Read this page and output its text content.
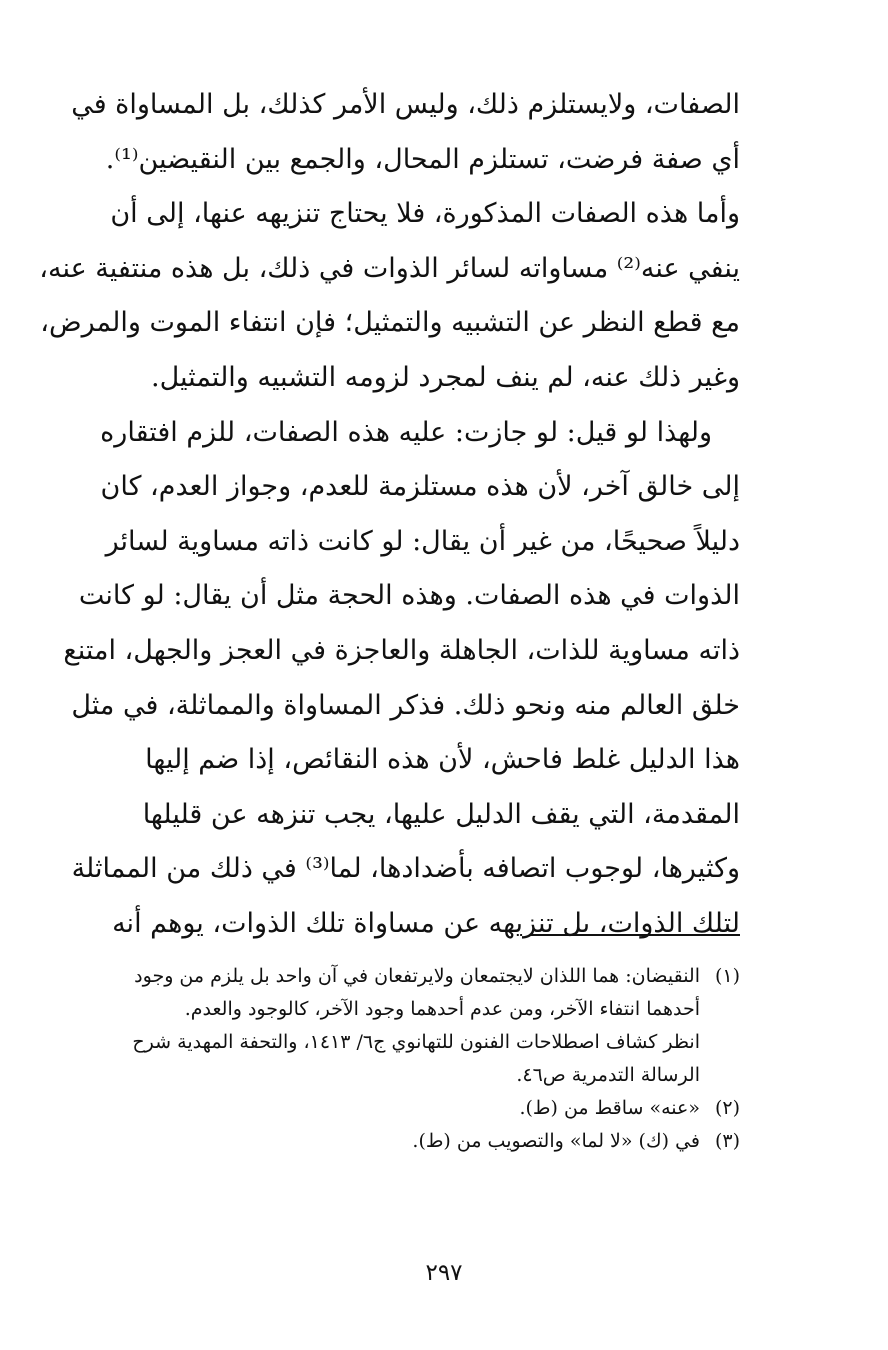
الصفات، ولايستلزم ذلك، وليس الأمر كذلك، بل المساواة في
أي صفة فرضت، تستلزم المحال، والجمع بين النقيضين⁽¹⁾.
وأما هذه الصفات المذكورة، فلا يحتاج تنزيهه عنها، إلى أن
ينفي عنه⁽²⁾ مساواته لسائر الذوات في ذلك، بل هذه منتفية عنه،
مع قطع النظر عن التشبيه والتمثيل؛ فإن انتفاء الموت والمرض،
وغير ذلك عنه، لم ينف لمجرد لزومه التشبيه والتمثيل.
ولهذا لو قيل: لو جازت: عليه هذه الصفات، للزم افتقاره
إلى خالق آخر، لأن هذه مستلزمة للعدم، وجواز العدم، كان
دليلاً صحيحًا، من غير أن يقال: لو كانت ذاته مساوية لسائر
الذوات في هذه الصفات. وهذه الحجة مثل أن يقال: لو كانت
ذاته مساوية للذات، الجاهلة والعاجزة في العجز والجهل، امتنع
خلق العالم منه ونحو ذلك. فذكر المساواة والمماثلة، في مثل
هذا الدليل غلط فاحش، لأن هذه النقائص، إذا ضم إليها
المقدمة، التي يقف الدليل عليها، يجب تنزهه عن قليلها
وكثيرها، لوجوب اتصافه بأضدادها، لما⁽³⁾ في ذلك من المماثلة
لتلك الذوات، بل تنزيهه عن مساواة تلك الذوات، يوهم أنه
(١)النقيضان: هما اللذان لايجتمعان ولايرتفعان في آن واحد بل يلزم من وجود
أحدهما انتفاء الآخر، ومن عدم أحدهما وجود الآخر، كالوجود والعدم.
انظر كشاف اصطلاحات الفنون للتهانوي ج٦/ ١٤١٣، والتحفة المهدية شرح
الرسالة التدمرية ص٤٦.
(٢)«عنه» ساقط من (ط).
(٣)في (ك) «لا لما» والتصويب من (ط).
٢٩٧
